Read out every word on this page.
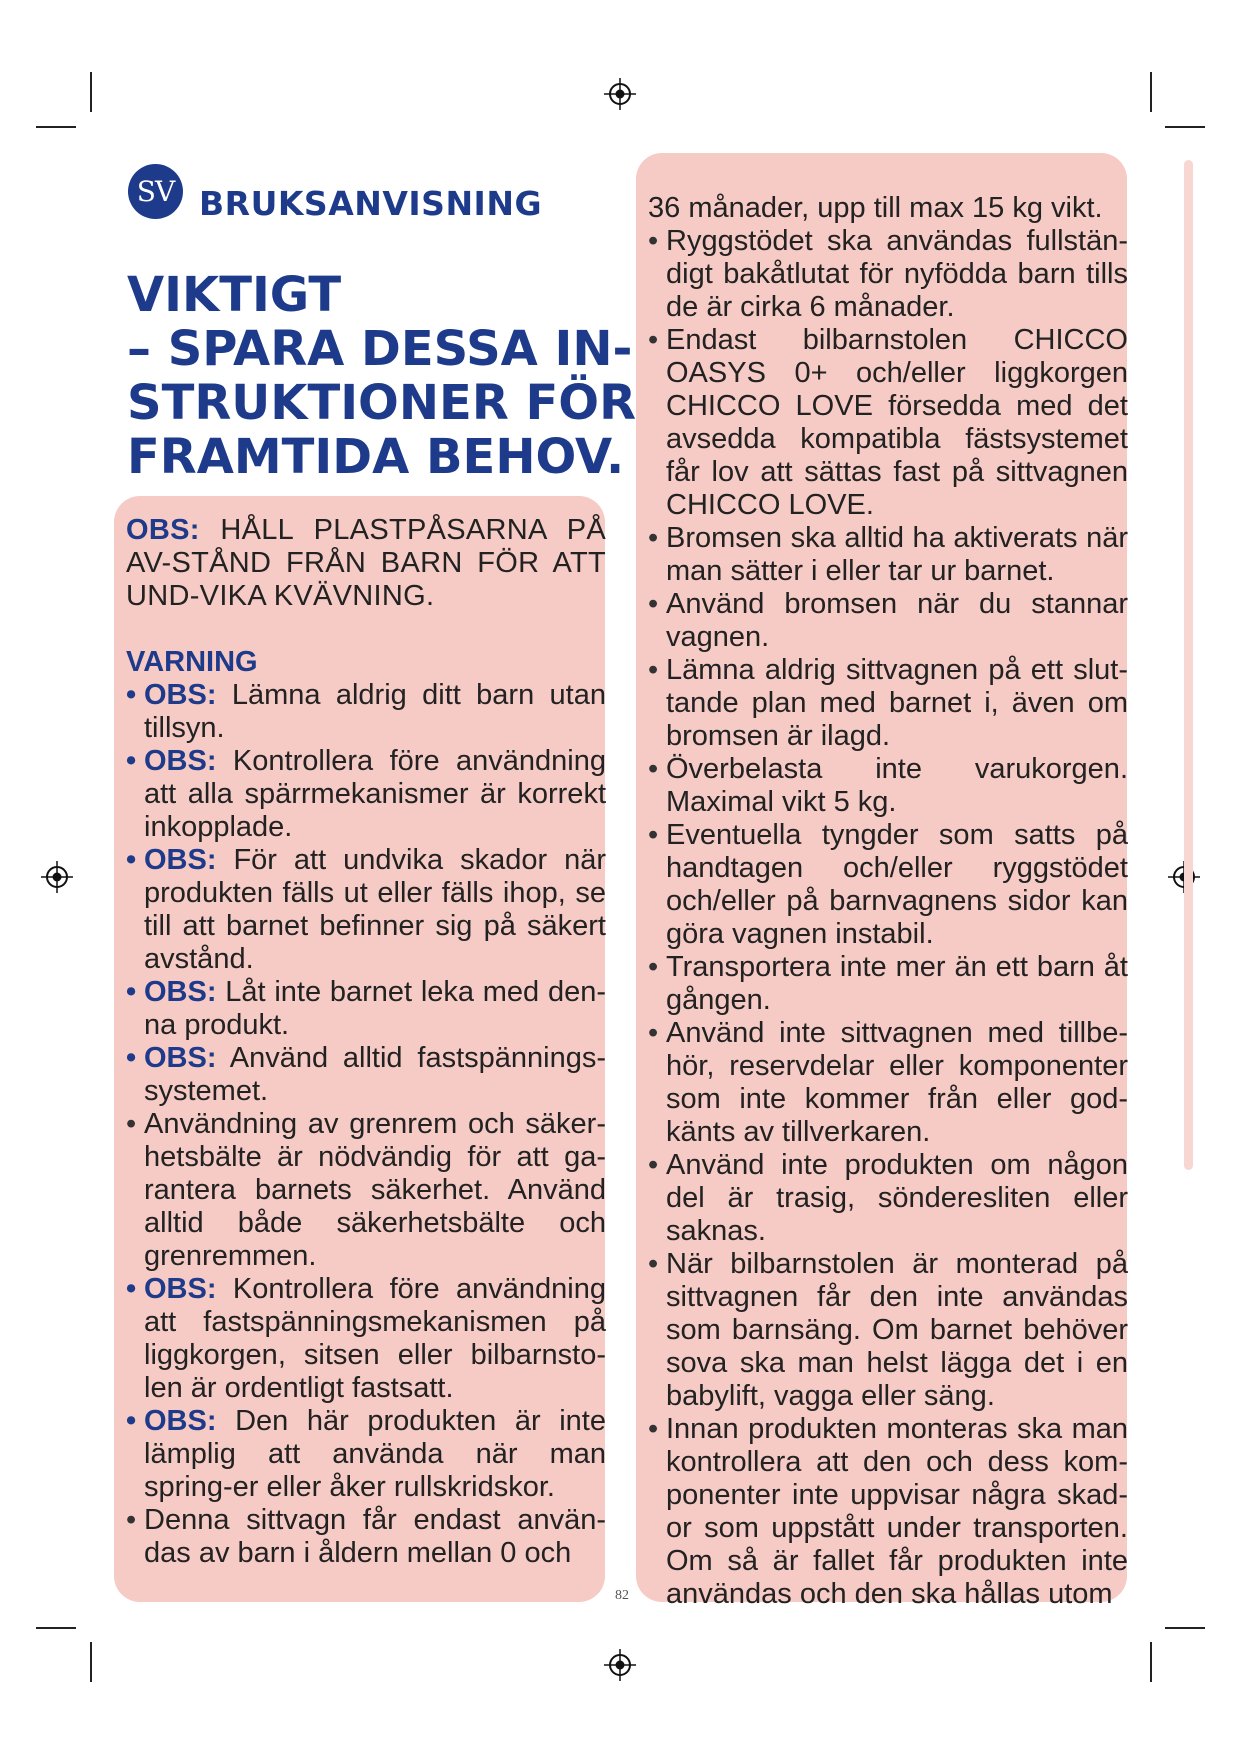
SV BRUKSANVISNING
VIKTIGT
– SPARA DESSA IN-
STRUKTIONER FÖR
FRAMTIDA BEHOV.
OBS: HÅLL PLASTPÅSARNA PÅ AV-STÅND FRÅN BARN FÖR ATT UND-VIKA KVÄVNING.
VARNING
• OBS: Lämna aldrig ditt barn utan tillsyn.
• OBS: Kontrollera före användning att alla spärrmekanismer är korrekt inkopplade.
• OBS: För att undvika skador när produkten fälls ut eller fälls ihop, se till att barnet befinner sig på säkert avstånd.
• OBS: Låt inte barnet leka med den-na produkt.
• OBS: Använd alltid fastspännings-systemet.
• Användning av grenrem och säker-hetsbälte är nödvändig för att ga-rantera barnets säkerhet. Använd alltid både säkerhetsbälte och grenremmen.
• OBS: Kontrollera före användning att fastspänningsmekanismen på liggkorgen, sitsen eller bilbarnsto-len är ordentligt fastsatt.
• OBS: Den här produkten är inte lämplig att använda när man spring-er eller åker rullskridskor.
• Denna sittvagn får endast använ-das av barn i åldern mellan 0 och
36 månader, upp till max 15 kg vikt.
• Ryggstödet ska användas fullstän-digt bakåtlutat för nyfödda barn tills de är cirka 6 månader.
• Endast bilbarnstolen CHICCO OASYS 0+ och/eller liggkorgen CHICCO LOVE försedda med det avsedda kompatibla fästsystemet får lov att sättas fast på sittvagnen CHICCO LOVE.
• Bromsen ska alltid ha aktiverats när man sätter i eller tar ur barnet.
• Använd bromsen när du stannar vagnen.
• Lämna aldrig sittvagnen på ett slut-tande plan med barnet i, även om bromsen är ilagd.
• Överbelasta inte varukorgen. Maximal vikt 5 kg.
• Eventuella tyngder som satts på handtagen och/eller ryggstödet och/eller på barnvagnens sidor kan göra vagnen instabil.
• Transportera inte mer än ett barn åt gången.
• Använd inte sittvagnen med tillbe-hör, reservdelar eller komponenter som inte kommer från eller god-känts av tillverkaren.
• Använd inte produkten om någon del är trasig, sönderesliten eller saknas.
• När bilbarnstolen är monterad på sittvagnen får den inte användas som barnsäng. Om barnet behöver sova ska man helst lägga det i en babylift, vagga eller säng.
• Innan produkten monteras ska man kontrollera att den och dess kom-ponenter inte uppvisar några skad-or som uppstått under transporten. Om så är fallet får produkten inte användas och den ska hållas utom
82
